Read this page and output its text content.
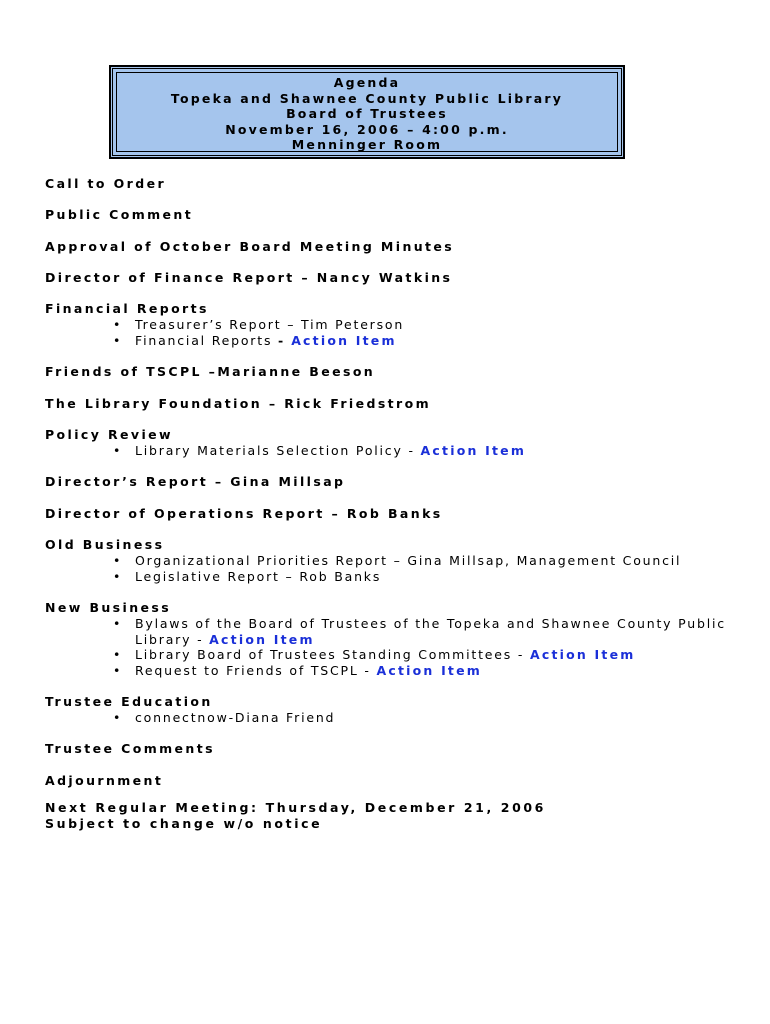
Agenda
Topeka and Shawnee County Public Library
Board of Trustees
November 16, 2006 – 4:00 p.m.
Menninger Room
Call to Order
Public Comment
Approval of October Board Meeting Minutes
Director of Finance Report – Nancy Watkins
Financial Reports
• Treasurer’s Report – Tim Peterson
• Financial Reports - Action Item
Friends of TSCPL –Marianne Beeson
The Library Foundation – Rick Friedstrom
Policy Review
• Library Materials Selection Policy - Action Item
Director’s Report – Gina Millsap
Director of Operations Report – Rob Banks
Old Business
• Organizational Priorities Report – Gina Millsap, Management Council
• Legislative Report – Rob Banks
New Business
• Bylaws of the Board of Trustees of the Topeka and Shawnee County Public
Library - Action Item
• Library Board of Trustees Standing Committees - Action Item
• Request to Friends of TSCPL - Action Item
Trustee Education
• connectnow-Diana Friend
Trustee Comments
Adjournment
Next Regular Meeting: Thursday, December 21, 2006
Subject to change w/o notice
